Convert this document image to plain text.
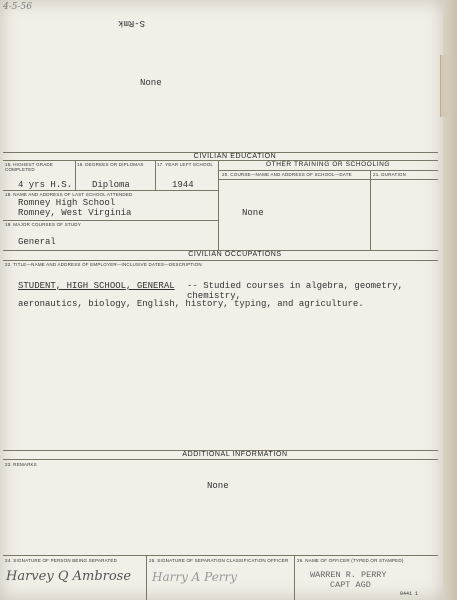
4-5-56
S-Rmk
None
CIVILIAN EDUCATION
15. HIGHEST GRADE COMPLETED
4 yrs H.S.
16. DEGREES OR DIPLOMAS
Diploma
17. YEAR LEFT SCHOOL
1944
OTHER TRAINING OR SCHOOLING
20. COURSE—NAME AND ADDRESS OF SCHOOL—DATE	21. DURATION
None
18. NAME AND ADDRESS OF LAST SCHOOL ATTENDED
Romney High School
Romney, West Virginia
19. MAJOR COURSES OF STUDY
General
CIVILIAN OCCUPATIONS
22. TITLE—NAME AND ADDRESS OF EMPLOYER—INCLUSIVE DATES—DESCRIPTION
STUDENT, HIGH SCHOOL, GENERAL -- Studied courses in algebra, geometry, chemistry,
aeronautics, biology, English, history, typing, and agriculture.
ADDITIONAL INFORMATION
23. REMARKS
None
24. SIGNATURE OF PERSON BEING SEPARATED
Harvey Q Ambrose
25. SIGNATURE OF SEPARATION CLASSIFICATION OFFICER
Harry A Perry
26. NAME OF OFFICER (TYPED OR STAMPED)
WARREN R. PERRY
CAPT AGD
0441 1
